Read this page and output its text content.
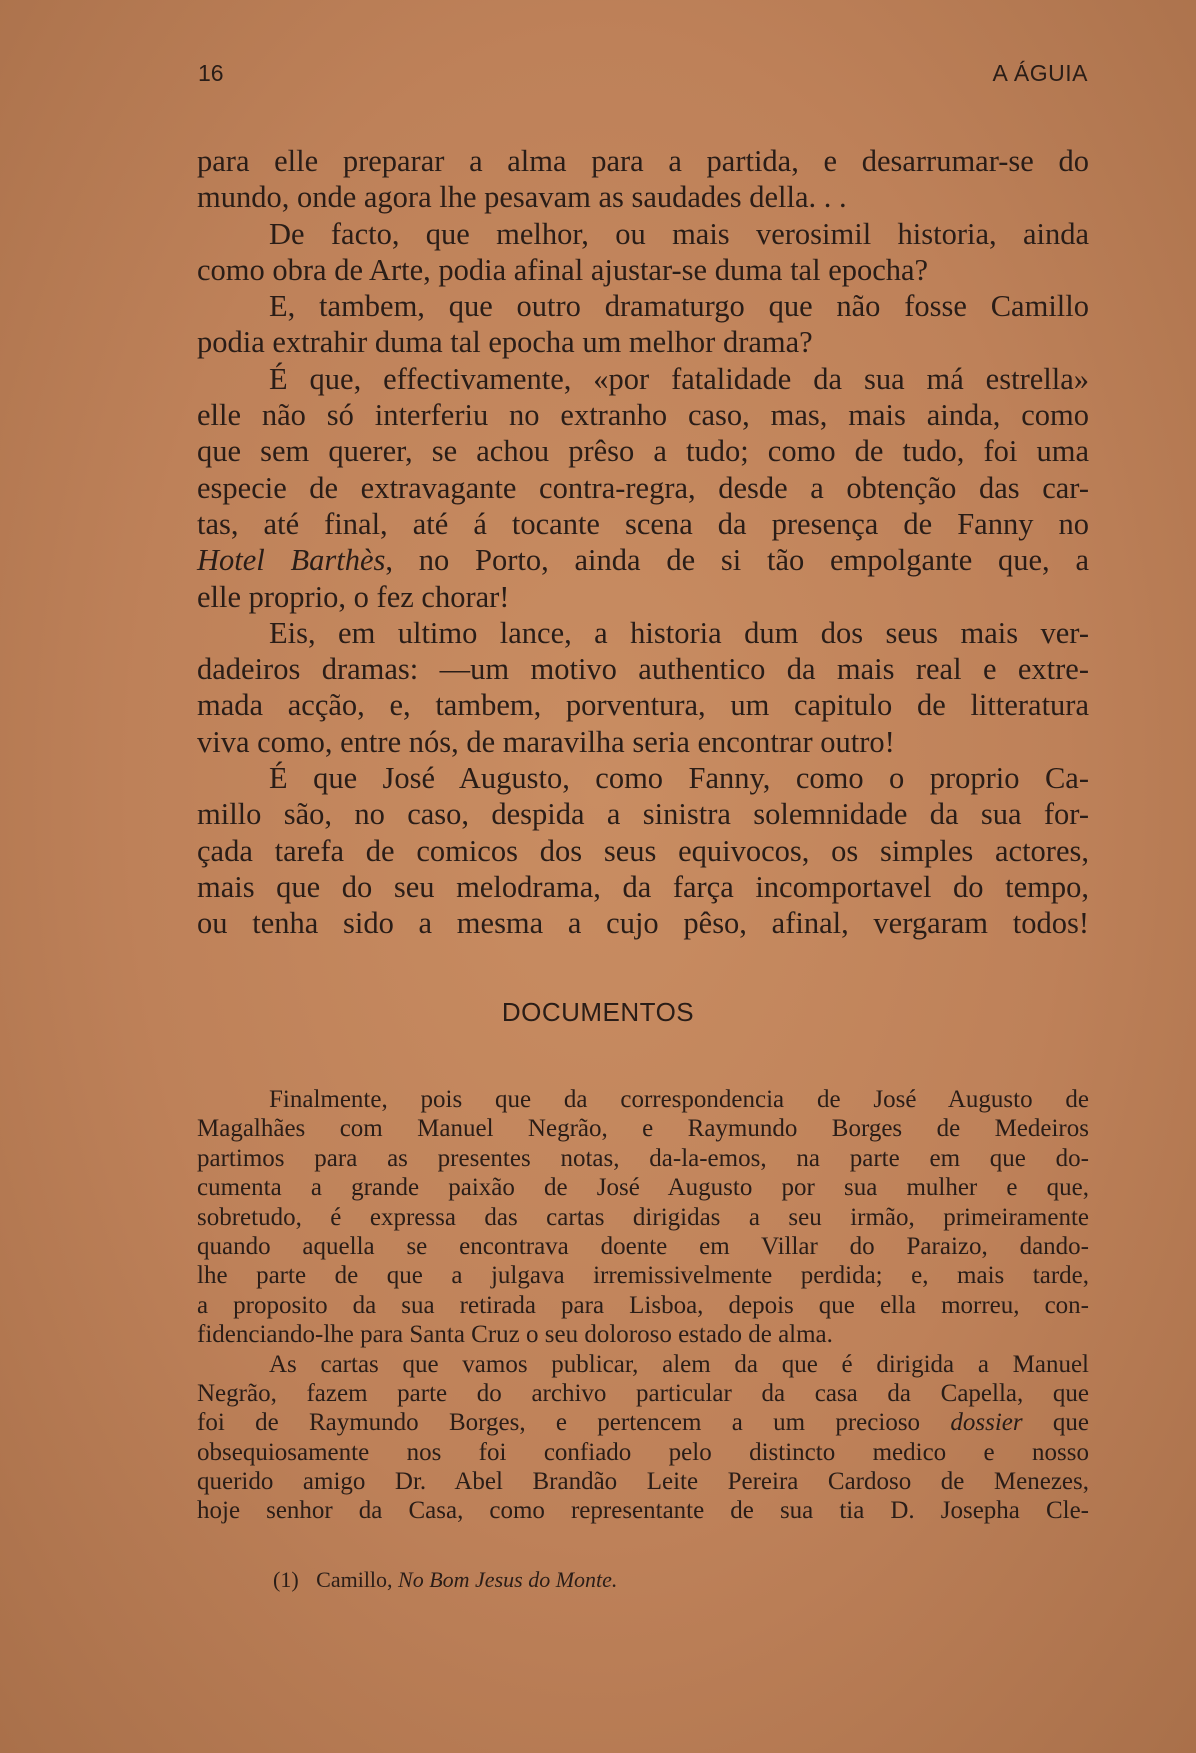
16	A ÁGUIA
para elle preparar a alma para a partida, e desarrumar-se do
mundo, onde agora lhe pesavam as saudades della. . .
De facto, que melhor, ou mais verosimil historia, ainda
como obra de Arte, podia afinal ajustar-se duma tal epocha?
E, tambem, que outro dramaturgo que não fosse Camillo
podia extrahir duma tal epocha um melhor drama?
É que, effectivamente, «por fatalidade da sua má estrella»
elle não só interferiu no extranho caso, mas, mais ainda, como
que sem querer, se achou prêso a tudo; como de tudo, foi uma
especie de extravagante contra-regra, desde a obtenção das car-
tas, até final, até á tocante scena da presença de Fanny no
Hotel Barthès, no Porto, ainda de si tão empolgante que, a
elle proprio, o fez chorar!
Eis, em ultimo lance, a historia dum dos seus mais ver-
dadeiros dramas: —um motivo authentico da mais real e extre-
mada acção, e, tambem, porventura, um capitulo de litteratura
viva como, entre nós, de maravilha seria encontrar outro!
É que José Augusto, como Fanny, como o proprio Ca-
millo são, no caso, despida a sinistra solemnidade da sua for-
çada tarefa de comicos dos seus equivocos, os simples actores,
mais que do seu melodrama, da farça incomportavel do tempo,
ou tenha sido a mesma a cujo pêso, afinal, vergaram todos!
DOCUMENTOS
Finalmente, pois que da correspondencia de José Augusto de
Magalhães com Manuel Negrão, e Raymundo Borges de Medeiros
partimos para as presentes notas, da-la-emos, na parte em que do-
cumenta a grande paixão de José Augusto por sua mulher e que,
sobretudo, é expressa das cartas dirigidas a seu irmão, primeiramente
quando aquella se encontrava doente em Villar do Paraizo, dando-
lhe parte de que a julgava irremissivelmente perdida; e, mais tarde,
a proposito da sua retirada para Lisboa, depois que ella morreu, con-
fidenciando-lhe para Santa Cruz o seu doloroso estado de alma.
As cartas que vamos publicar, alem da que é dirigida a Manuel
Negrão, fazem parte do archivo particular da casa da Capella, que
foi de Raymundo Borges, e pertencem a um precioso dossier que
obsequiosamente nos foi confiado pelo distincto medico e nosso
querido amigo Dr. Abel Brandão Leite Pereira Cardoso de Menezes,
hoje senhor da Casa, como representante de sua tia D. Josepha Cle-
(1) Camillo, No Bom Jesus do Monte.
